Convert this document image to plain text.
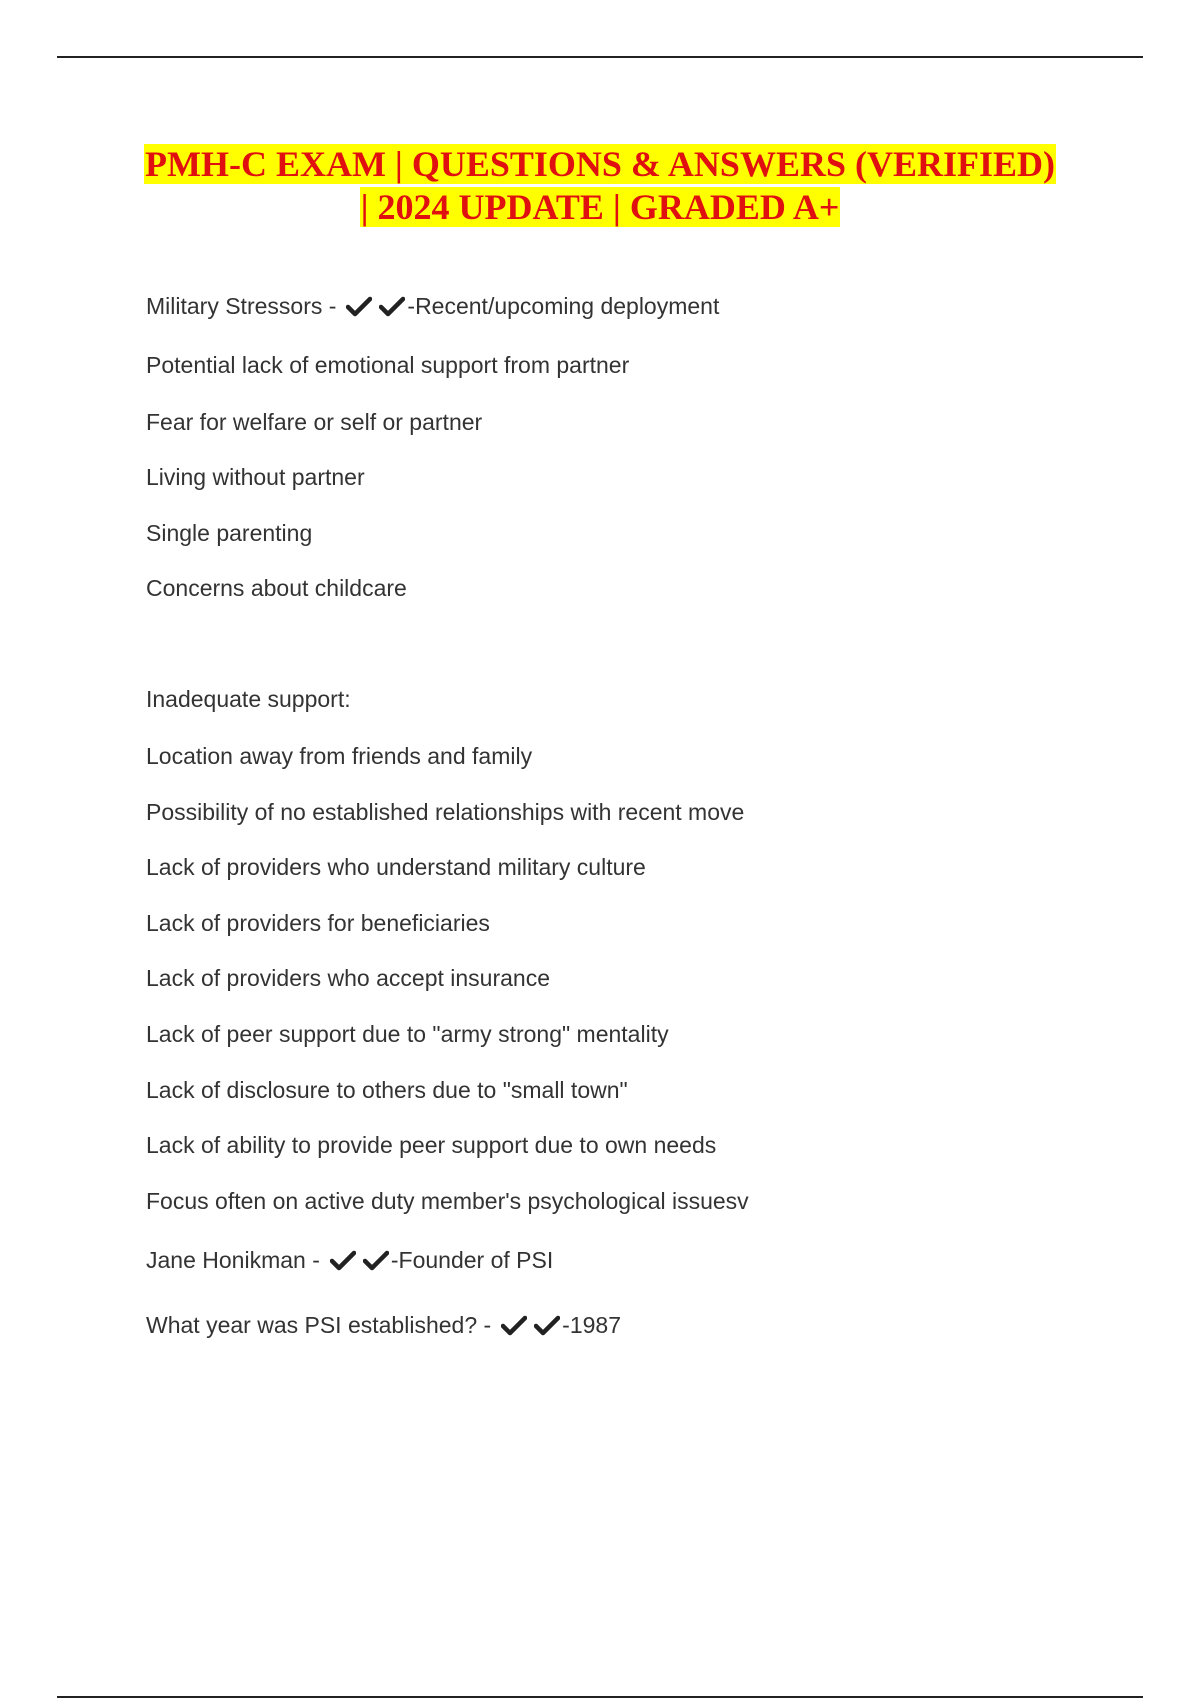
PMH-C EXAM | QUESTIONS & ANSWERS (VERIFIED)
| 2024 UPDATE | GRADED A+
Military Stressors -	-Recent/upcoming deployment
Potential lack of emotional support from partner
Fear for welfare or self or partner
Living without partner
Single parenting
Concerns about childcare
Inadequate support:
Location away from friends and family
Possibility of no established relationships with recent move
Lack of providers who understand military culture
Lack of providers for beneficiaries
Lack of providers who accept insurance
Lack of peer support due to "army strong" mentality
Lack of disclosure to others due to "small town"
Lack of ability to provide peer support due to own needs
Focus often on active duty member's psychological issuesv
Jane Honikman -	-Founder of PSI
What year was PSI established? -	-1987
